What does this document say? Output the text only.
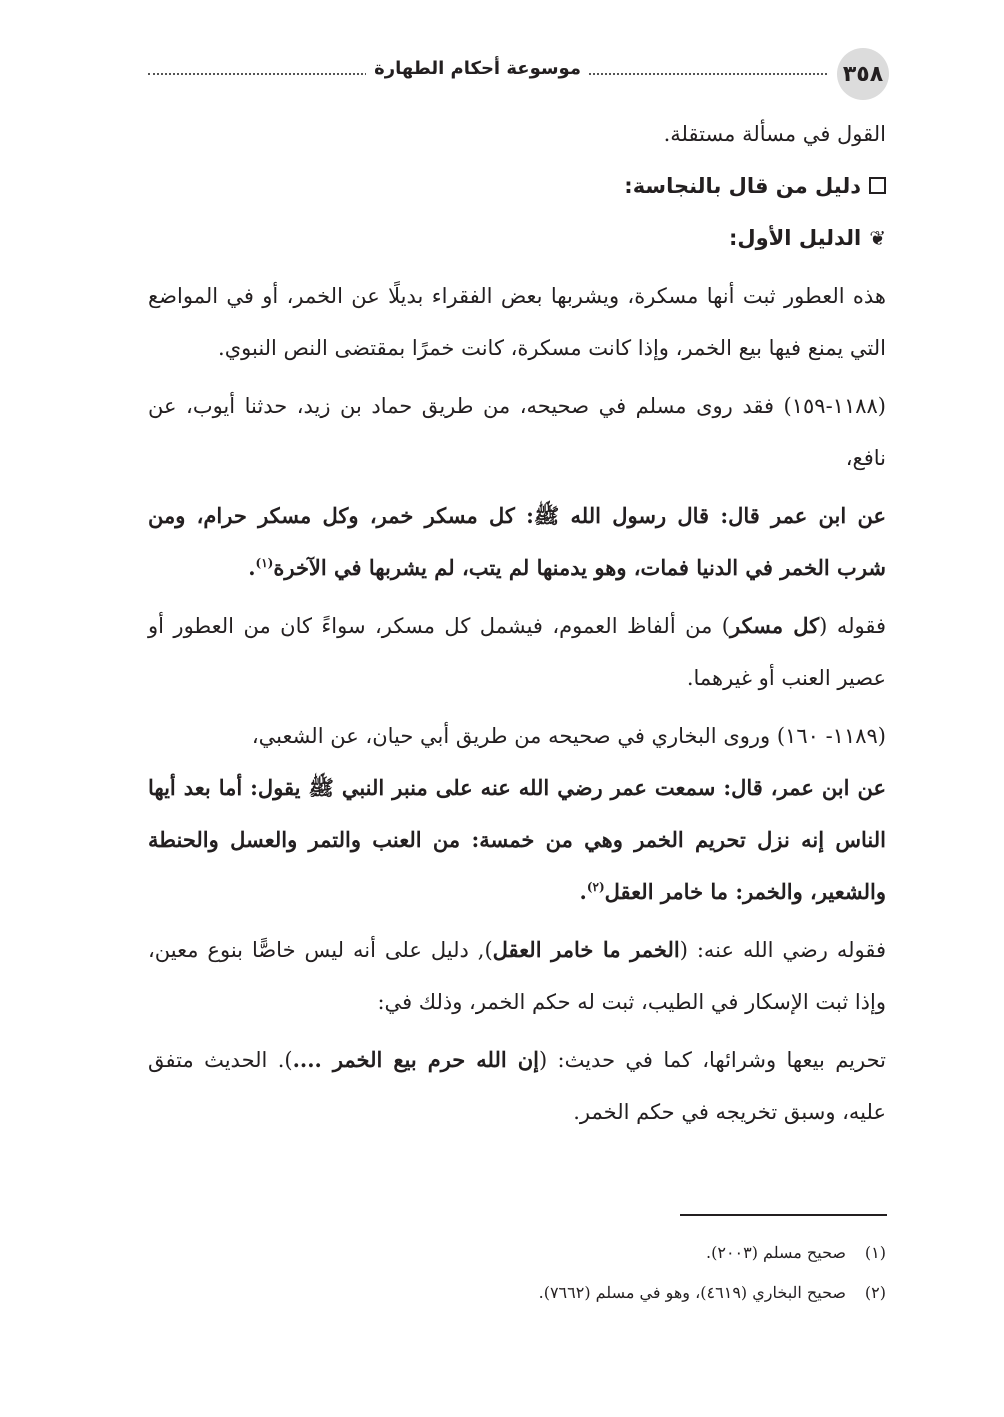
٣٥٨
موسوعة أحكام الطهارة

القول في مسألة مستقلة.

دليل من قال بالنجاسة:

❦الدليل الأول:

هذه العطور ثبت أنها مسكرة، ويشربها بعض الفقراء بديلًا عن الخمر، أو في المواضع التي يمنع فيها بيع الخمر، وإذا كانت مسكرة، كانت خمرًا بمقتضى النص النبوي.

(١١٨٨-١٥٩) فقد روى مسلم في صحيحه، من طريق حماد بن زيد، حدثنا أيوب، عن نافع،

عن ابن عمر قال: قال رسول الله ﷺ: كل مسكر خمر، وكل مسكر حرام، ومن شرب الخمر في الدنيا فمات، وهو يدمنها لم يتب، لم يشربها في الآخرة$^{(١)}$.

فقوله (كل مسكر) من ألفاظ العموم، فيشمل كل مسكر، سواءً كان من العطور أو عصير العنب أو غيرهما.

(١١٨٩- ١٦٠) وروى البخاري في صحيحه من طريق أبي حيان، عن الشعبي،

عن ابن عمر، قال: سمعت عمر رضي الله عنه على منبر النبي ﷺ يقول: أما بعد أيها الناس إنه نزل تحريم الخمر وهي من خمسة: من العنب والتمر والعسل والحنطة والشعير، والخمر: ما خامر العقل$^{(٢)}$.

فقوله رضي الله عنه: (الخمر ما خامر العقل), دليل على أنه ليس خاصًّا بنوع معين، وإذا ثبت الإسكار في الطيب، ثبت له حكم الخمر، وذلك في:

تحريم بيعها وشرائها، كما في حديث: (إن الله حرم بيع الخمر ....). الحديث متفق عليه، وسبق تخريجه في حكم الخمر.

(١)صحيح مسلم (٢٠٠٣).
(٢)صحيح البخاري (٤٦١٩)، وهو في مسلم (٧٦٦٢).
